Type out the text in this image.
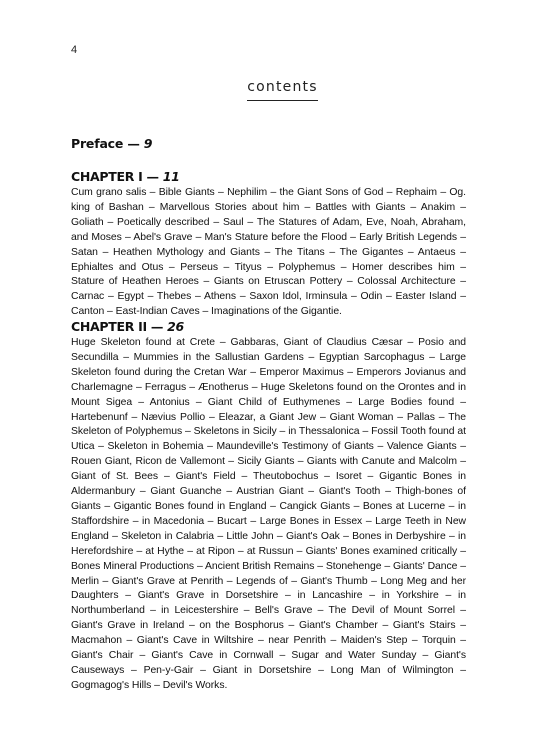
4
contents
Preface — 9
CHAPTER I — 11

Cum grano salis – Bible Giants – Nephilim – the Giant Sons of God – Rephaim – Og. king of Bashan – Marvellous Stories about him – Battles with Giants – Anakim – Goliath – Poetically described – Saul – The Statures of Adam, Eve, Noah, Abraham, and Moses – Abel's Grave – Man's Stature before the Flood – Early British Legends – Satan – Heathen Mythology and Giants – The Titans – The Gigantes – Antaeus – Ephialtes and Otus – Perseus – Tityus – Polyphemus – Homer describes him – Stature of Heathen Heroes – Giants on Etruscan Pottery – Colossal Architecture – Carnac – Egypt – Thebes – Athens – Saxon Idol, Irminsula – Odin – Easter Island – Canton – East-Indian Caves – Imaginations of the Gigantie.

CHAPTER II — 26

Huge Skeleton found at Crete – Gabbaras, Giant of Claudius Cæsar – Posio and Secundilla – Mummies in the Sallustian Gardens – Egyptian Sarcophagus – Large Skeleton found during the Cretan War – Emperor Maximus – Emperors Jovianus and Charlemagne – Ferragus – Ænotherus – Huge Skeletons found on the Orontes and in Mount Sigea – Antonius – Giant Child of Euthymenes – Large Bodies found – Hartebenunf – Nævius Pollio – Eleazar, a Giant Jew – Giant Woman – Pallas – The Skeleton of Polyphemus – Skeletons in Sicily – in Thessalonica – Fossil Tooth found at Utica – Skeleton in Bohemia – Maundeville's Testimony of Giants – Valence Giants – Rouen Giant, Ricon de Vallemont – Sicily Giants – Giants with Canute and Malcolm – Giant of St. Bees – Giant's Field – Theutobochus – Isoret – Gigantic Bones in Aldermanbury – Giant Guanche – Austrian Giant – Giant's Tooth – Thigh-bones of Giants – Gigantic Bones found in England – Cangick Giants – Bones at Lucerne – in Staffordshire – in Macedonia – Bucart – Large Bones in Essex – Large Teeth in New England – Skeleton in Calabria – Little John – Giant's Oak – Bones in Derbyshire – in Herefordshire – at Hythe – at Ripon – at Russun – Giants' Bones examined critically – Bones Mineral Productions – Ancient British Remains – Stonehenge – Giants' Dance – Merlin – Giant's Grave at Penrith – Legends of – Giant's Thumb – Long Meg and her Daughters – Giant's Grave in Dorsetshire – in Lancashire – in Yorkshire – in Northumberland – in Leicestershire – Bell's Grave – The Devil of Mount Sorrel – Giant's Grave in Ireland – on the Bosphorus – Giant's Chamber – Giant's Stairs – Macmahon – Giant's Cave in Wiltshire – near Penrith – Maiden's Step – Torquin – Giant's Chair – Giant's Cave in Cornwall – Sugar and Water Sunday – Giant's Causeways – Pen-y-Gair – Giant in Dorsetshire – Long Man of Wilmington – Gogmagog's Hills – Devil's Works.
